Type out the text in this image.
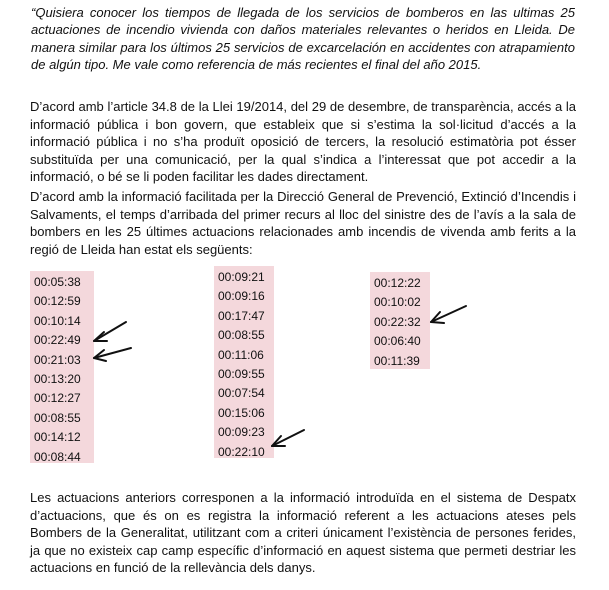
“Quisiera conocer los tiempos de llegada de los servicios de bomberos en las ultimas 25 actuaciones de incendio vivienda con daños materiales relevantes o heridos en Lleida. De manera similar para los últimos 25 servicios de excarcelación en accidentes con atrapamiento de algún tipo. Me vale como referencia de más recientes el final del año 2015.

D’acord amb l’article 34.8 de la Llei 19/2014, del 29 de desembre, de transparència, accés a la informació pública i bon govern, que estableix que si s’estima la sol·licitud d’accés a la informació pública i no s’ha produït oposició de tercers, la resolució estimatòria pot ésser substituïda per una comunicació, per la qual s’indica a l’interessat que pot accedir a la informació, o bé se li poden facilitar les dades directament.

D’acord amb la informació facilitada per la Direcció General de Prevenció, Extinció d’Incendis i Salvaments, el temps d’arribada del primer recurs al lloc del sinistre des de l’avís a la sala de bombers en les 25 últimes actuacions relacionades amb incendis de vivenda amb ferits a la regió de Lleida han estat els següents:

00:05:38
00:12:59
00:10:14
00:22:49
00:21:03
00:13:20
00:12:27
00:08:55
00:14:12
00:08:44
00:09:21
00:09:16
00:17:47
00:08:55
00:11:06
00:09:55
00:07:54
00:15:06
00:09:23
00:22:10
00:12:22
00:10:02
00:22:32
00:06:40
00:11:39

Les actuacions anteriors corresponen a la informació introduïda en el sistema de Despatx d’actuacions, que és on es registra la informació referent a les actuacions ateses pels Bombers de la Generalitat, utilitzant com a criteri únicament l’existència de persones ferides, ja que no existeix cap camp específic d’informació en aquest sistema que permeti destriar les actuacions en funció de la rellevància dels danys.
